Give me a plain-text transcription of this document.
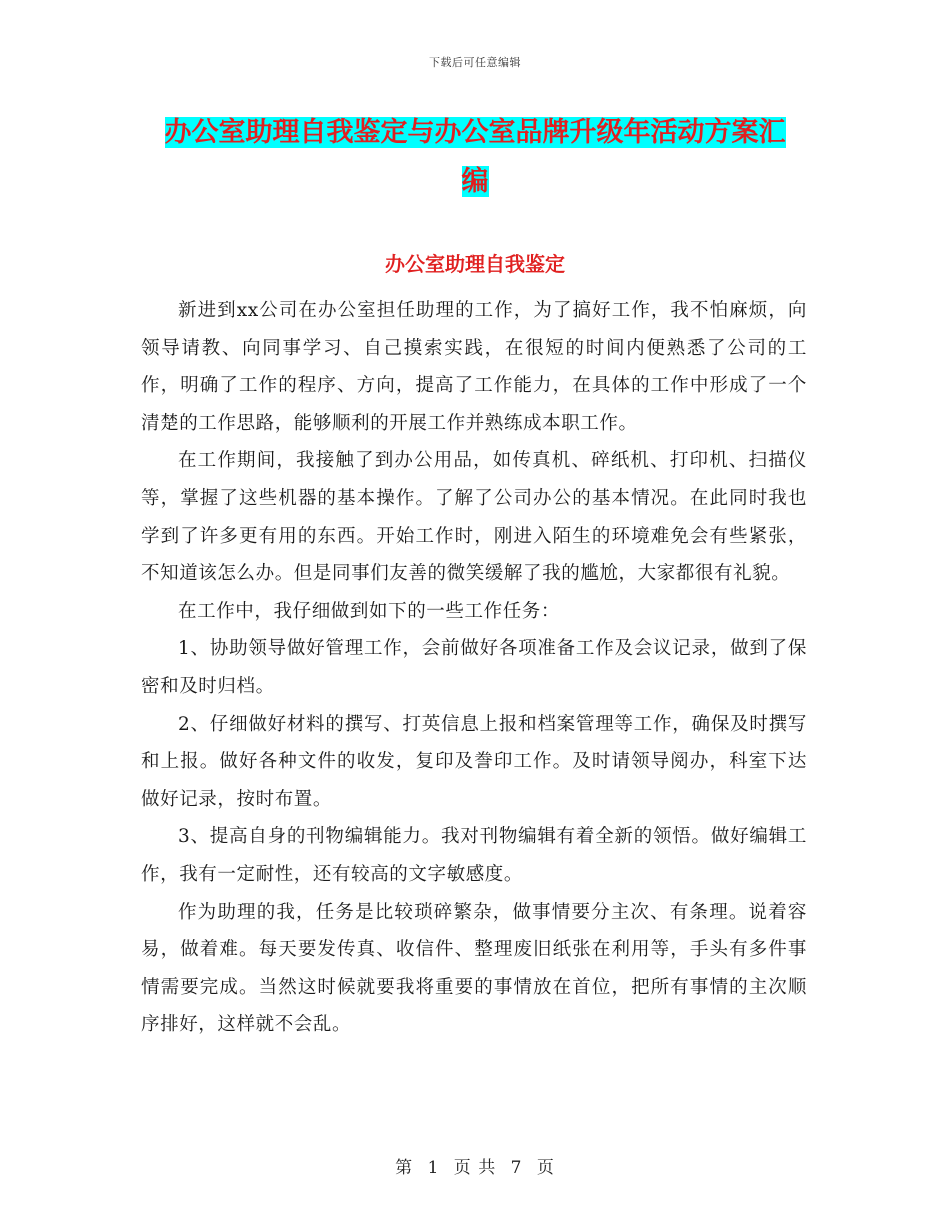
下载后可任意编辑
办公室助理自我鉴定与办公室品牌升级年活动方案汇
编
办公室助理自我鉴定

新进到xx公司在办公室担任助理的工作，为了搞好工作，我不怕麻烦，向领导请教、向同事学习、自己摸索实践，在很短的时间内便熟悉了公司的工作，明确了工作的程序、方向，提高了工作能力，在具体的工作中形成了一个清楚的工作思路，能够顺利的开展工作并熟练成本职工作。

在工作期间，我接触了到办公用品，如传真机、碎纸机、打印机、扫描仪等，掌握了这些机器的基本操作。了解了公司办公的基本情况。在此同时我也学到了许多更有用的东西。开始工作时，刚进入陌生的环境难免会有些紧张，不知道该怎么办。但是同事们友善的微笑缓解了我的尴尬，大家都很有礼貌。

在工作中，我仔细做到如下的一些工作任务：

1、协助领导做好管理工作，会前做好各项准备工作及会议记录，做到了保密和及时归档。

2、仔细做好材料的撰写、打英信息上报和档案管理等工作，确保及时撰写和上报。做好各种文件的收发，复印及誊印工作。及时请领导阅办，科室下达做好记录，按时布置。

3、提高自身的刊物编辑能力。我对刊物编辑有着全新的领悟。做好编辑工作，我有一定耐性，还有较高的文字敏感度。

作为助理的我，任务是比较琐碎繁杂，做事情要分主次、有条理。说着容易，做着难。每天要发传真、收信件、整理废旧纸张在利用等，手头有多件事情需要完成。当然这时候就要我将重要的事情放在首位，把所有事情的主次顺序排好，这样就不会乱。

第 1 页 共 7 页
